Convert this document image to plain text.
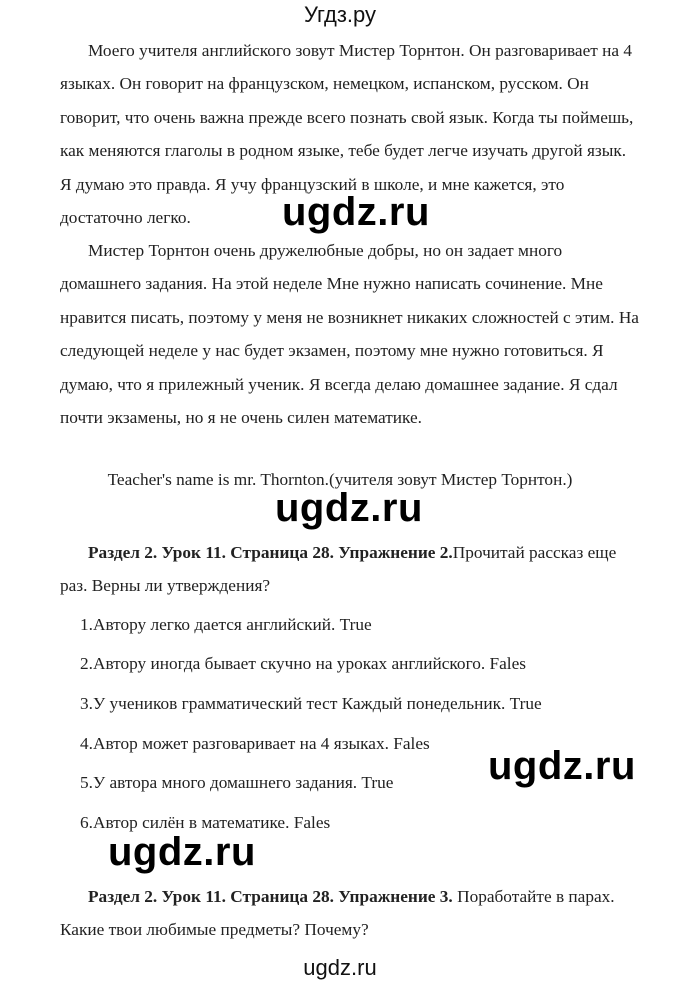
Угдз.ру

Моего учителя английского зовут Мистер Торнтон. Он разговаривает на 4 языках. Он говорит на французском, немецком, испанском, русском. Он говорит, что очень важна прежде всего познать свой язык. Когда ты поймешь, как меняются глаголы в родном языке, тебе будет легче изучать другой язык. Я думаю это правда. Я учу французский в школе, и мне кажется, это достаточно легко.	ugdz.ru

Мистер Торнтон очень дружелюбные добры, но он задает много домашнего задания. На этой неделе Мне нужно написать сочинение. Мне нравится писать, поэтому у меня не возникнет никаких сложностей с этим. На следующей неделе у нас будет экзамен, поэтому мне нужно готовиться. Я думаю, что я прилежный ученик. Я всегда делаю домашнее задание. Я сдал почти экзамены, но я не очень силен математике.

Teacher's name is mr. Thornton.(учителя зовут Мистер Торнтон.)
ugdz.ru

Раздел 2. Урок 11. Страница 28. Упражнение 2.Прочитай рассказ еще раз. Верны ли утверждения?

1.Автору легко дается английский. True
2.Автору иногда бывает скучно на уроках английского. Fales
3.У учеников грамматический тест Каждый понедельник. True
4.Автор может разговаривает на 4 языках. Fales
ugdz.ru
5.У автора много домашнего задания. True
6.Автор силён в математике. Fales
ugdz.ru

Раздел 2. Урок 11. Страница 28. Упражнение 3. Поработайте в парах. Какие твои любимые предметы? Почему?

ugdz.ru
